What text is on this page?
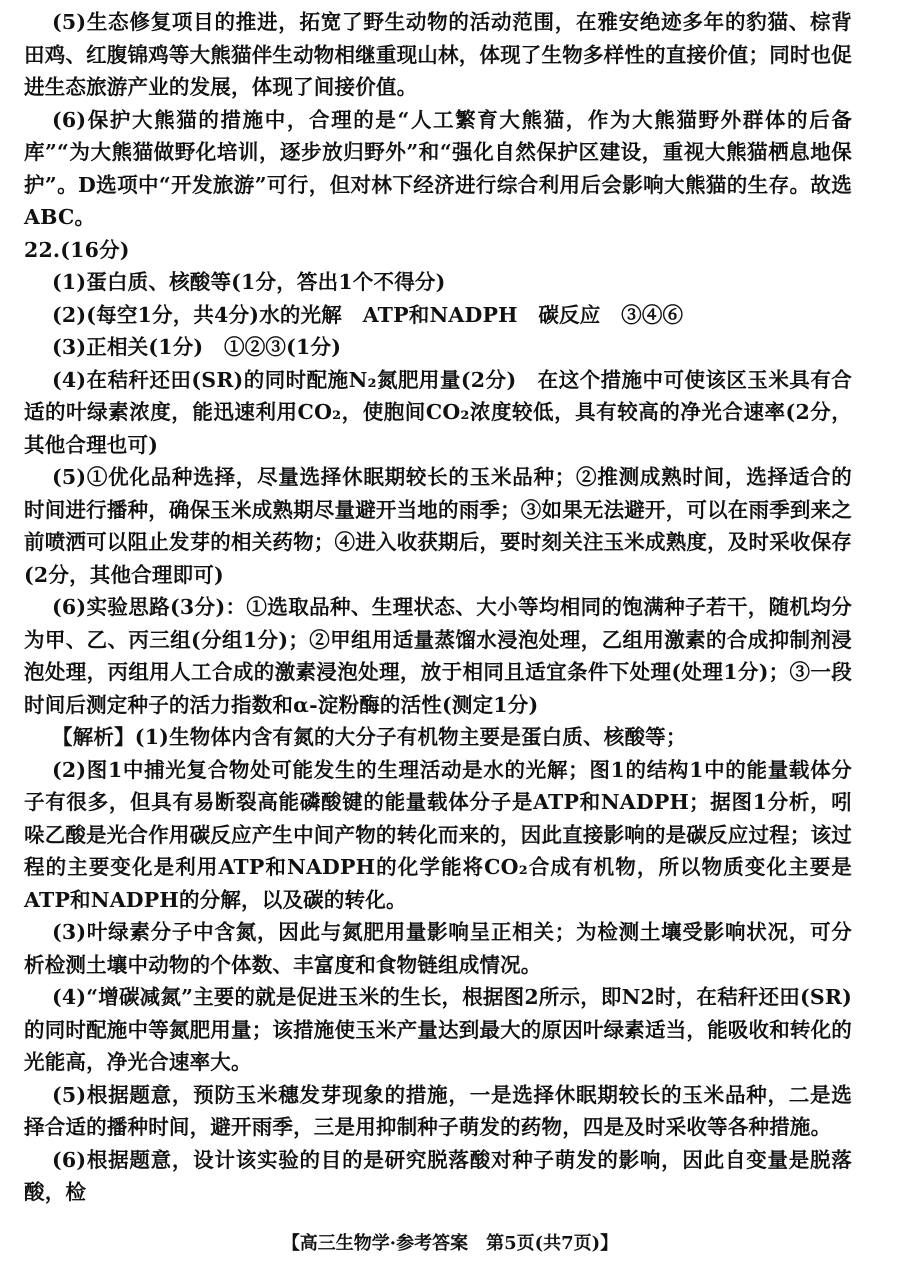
(5)生态修复项目的推进，拓宽了野生动物的活动范围，在雅安绝迹多年的豹猫、棕背田鸡、红腹锦鸡等大熊猫伴生动物相继重现山林，体现了生物多样性的直接价值；同时也促进生态旅游产业的发展，体现了间接价值。

(6)保护大熊猫的措施中，合理的是“人工繁育大熊猫，作为大熊猫野外群体的后备库”“为大熊猫做野化培训，逐步放归野外”和“强化自然保护区建设，重视大熊猫栖息地保护”。D选项中“开发旅游”可行，但对林下经济进行综合利用后会影响大熊猫的生存。故选ABC。

22.(16分)

(1)蛋白质、核酸等(1分，答出1个不得分)

(2)(每空1分，共4分)水的光解　ATP和NADPH　碳反应　③④⑥

(3)正相关(1分)　①②③(1分)

(4)在秸秆还田(SR)的同时配施N₂氮肥用量(2分)　在这个措施中可使该区玉米具有合适的叶绿素浓度，能迅速利用CO₂，使胞间CO₂浓度较低，具有较高的净光合速率(2分，其他合理也可)

(5)①优化品种选择，尽量选择休眠期较长的玉米品种；②推测成熟时间，选择适合的时间进行播种，确保玉米成熟期尽量避开当地的雨季；③如果无法避开，可以在雨季到来之前喷洒可以阻止发芽的相关药物；④进入收获期后，要时刻关注玉米成熟度，及时采收保存(2分，其他合理即可)

(6)实验思路(3分)：①选取品种、生理状态、大小等均相同的饱满种子若干，随机均分为甲、乙、丙三组(分组1分)；②甲组用适量蒸馏水浸泡处理，乙组用激素的合成抑制剂浸泡处理，丙组用人工合成的激素浸泡处理，放于相同且适宜条件下处理(处理1分)；③一段时间后测定种子的活力指数和α-淀粉酶的活性(测定1分)

【解析】(1)生物体内含有氮的大分子有机物主要是蛋白质、核酸等；

(2)图1中捕光复合物处可能发生的生理活动是水的光解；图1的结构1中的能量载体分子有很多，但具有易断裂高能磷酸键的能量载体分子是ATP和NADPH；据图1分析，吲哚乙酸是光合作用碳反应产生中间产物的转化而来的，因此直接影响的是碳反应过程；该过程的主要变化是利用ATP和NADPH的化学能将CO₂合成有机物，所以物质变化主要是ATP和NADPH的分解，以及碳的转化。

(3)叶绿素分子中含氮，因此与氮肥用量影响呈正相关；为检测土壤受影响状况，可分析检测土壤中动物的个体数、丰富度和食物链组成情况。

(4)“增碳减氮”主要的就是促进玉米的生长，根据图2所示，即N2时，在秸秆还田(SR)的同时配施中等氮肥用量；该措施使玉米产量达到最大的原因叶绿素适当，能吸收和转化的光能高，净光合速率大。

(5)根据题意，预防玉米穗发芽现象的措施，一是选择休眠期较长的玉米品种，二是选择合适的播种时间，避开雨季，三是用抑制种子萌发的药物，四是及时采收等各种措施。

(6)根据题意，设计该实验的目的是研究脱落酸对种子萌发的影响，因此自变量是脱落酸，检

【高三生物学·参考答案　第5页(共7页)】
